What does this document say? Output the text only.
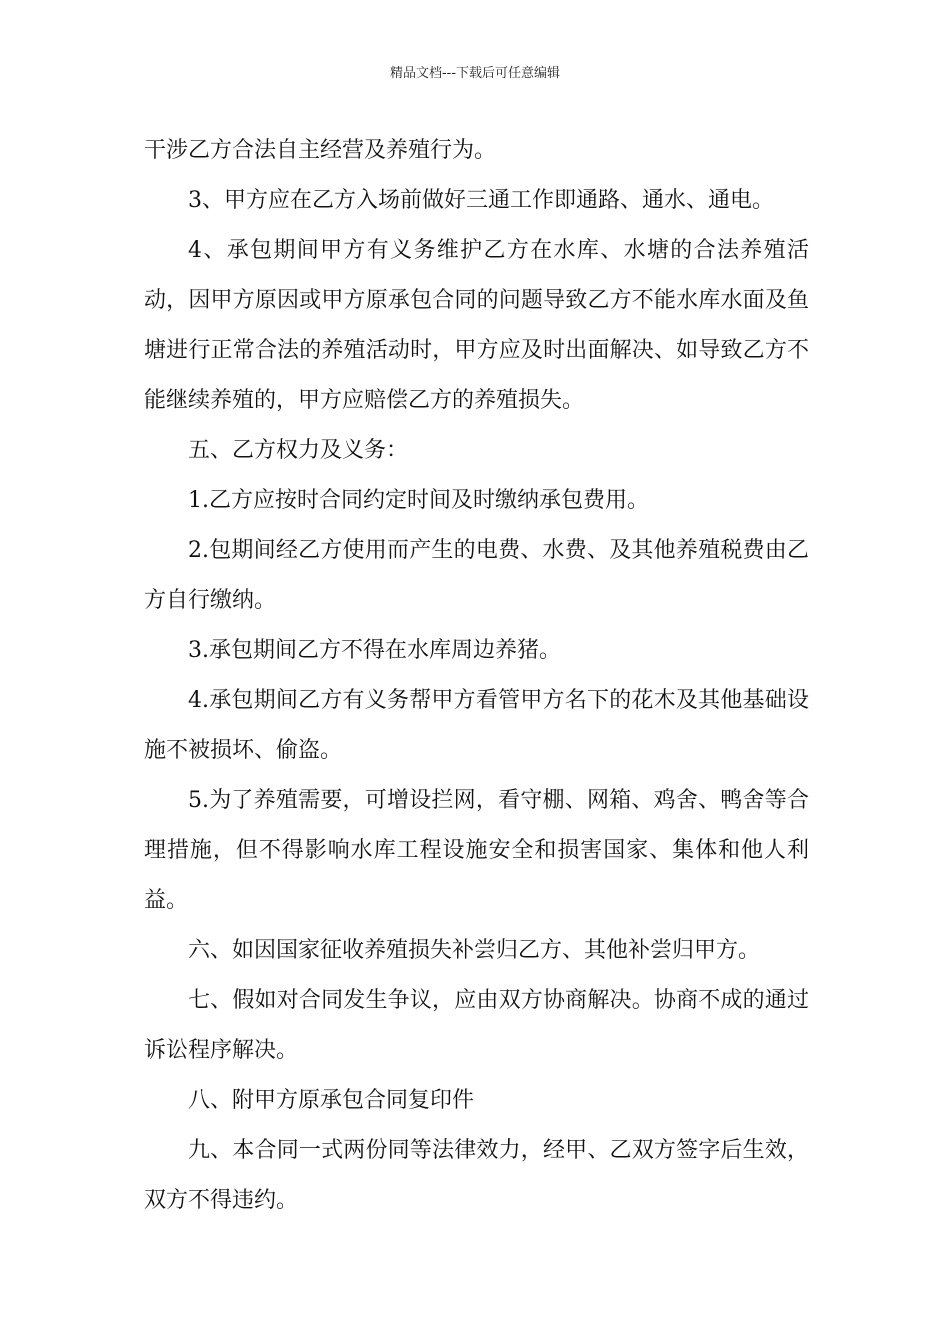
精品文档---下载后可任意编辑

干涉乙方合法自主经营及养殖行为。

3、甲方应在乙方入场前做好三通工作即通路、通水、通电。

4、承包期间甲方有义务维护乙方在水库、水塘的合法养殖活动，因甲方原因或甲方原承包合同的问题导致乙方不能水库水面及鱼塘进行正常合法的养殖活动时，甲方应及时出面解决、如导致乙方不能继续养殖的，甲方应赔偿乙方的养殖损失。

五、乙方权力及义务：

1.乙方应按时合同约定时间及时缴纳承包费用。

2.包期间经乙方使用而产生的电费、水费、及其他养殖税费由乙方自行缴纳。

3.承包期间乙方不得在水库周边养猪。

4.承包期间乙方有义务帮甲方看管甲方名下的花木及其他基础设施不被损坏、偷盗。

5.为了养殖需要，可增设拦网，看守棚、网箱、鸡舍、鸭舍等合理措施，但不得影响水库工程设施安全和损害国家、集体和他人利益。

六、如因国家征收养殖损失补尝归乙方、其他补尝归甲方。

七、假如对合同发生争议，应由双方协商解决。协商不成的通过诉讼程序解决。

八、附甲方原承包合同复印件

九、本合同一式两份同等法律效力，经甲、乙双方签字后生效，双方不得违约。
